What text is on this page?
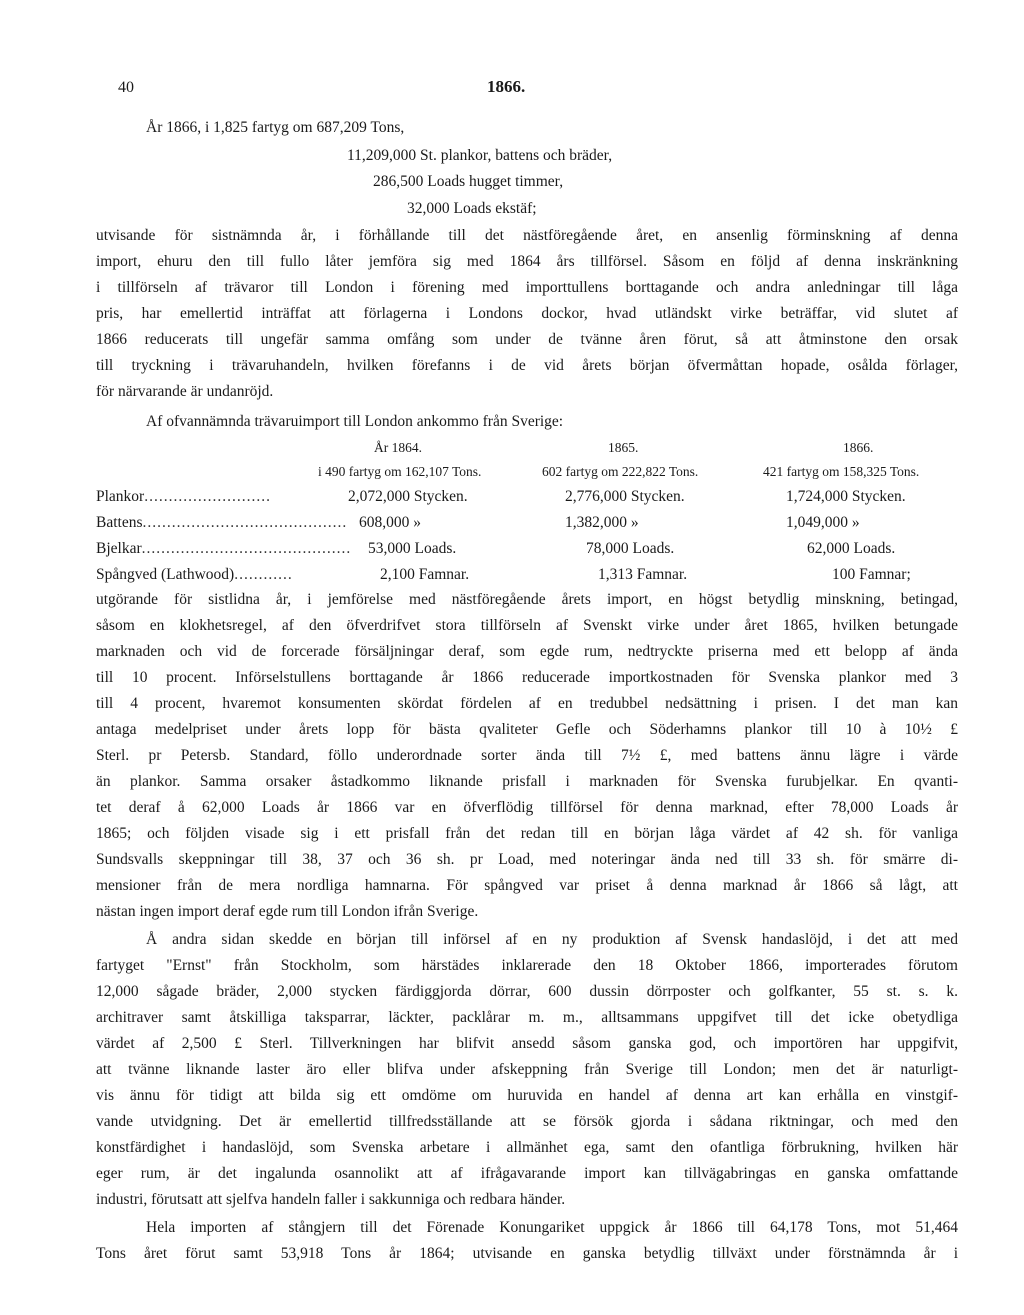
40	1866.
År 1866, i 1,825 fartyg om 687,209 Tons,
11,209,000 St. plankor, battens och bräder,
286,500 Loads hugget timmer,
32,000 Loads ekstäf;
utvisande för sistnämnda år, i förhållande till det nästföregående året, en ansenlig förminskning af denna
import, ehuru den till fullo låter jemföra sig med 1864 års tillförsel. Såsom en följd af denna inskränkning
i tillförseln af trävaror till London i förening med importtullens borttagande och andra anledningar till låga
pris, har emellertid inträffat att förlagerna i Londons dockor, hvad utländskt virke beträffar, vid slutet af
1866 reducerats till ungefär samma omfång som under de tvänne åren förut, så att åtminstone den orsak
till tryckning i trävaruhandeln, hvilken förefanns i de vid årets början öfvermåttan hopade, osålda förlager,
för närvarande är undanröjd.
Af ofvannämnda trävaruimport till London ankommo från Sverige:
År 1864.	1865.	1866.
i 490 fartyg om 162,107 Tons.	602 fartyg om 222,822 Tons.	421 fartyg om 158,325 Tons.
Plankor..........................	2,072,000 Stycken.	2,776,000 Stycken.	1,724,000 Stycken.
Battens.......................................... 608,000 »	1,382,000 »	1,049,000 »
Bjelkar........................................... 53,000 Loads.	78,000 Loads.	62,000 Loads.
Spångved (Lathwood)............	2,100 Famnar.	1,313 Famnar.	100 Famnar;
utgörande för sistlidna år, i jemförelse med nästföregående årets import, en högst betydlig minskning, betingad,
såsom en klokhetsregel, af den öfverdrifvet stora tillförseln af Svenskt virke under året 1865, hvilken betungade
marknaden och vid de forcerade försäljningar deraf, som egde rum, nedtryckte priserna med ett belopp af ända
till 10 procent. Införselstullens borttagande år 1866 reducerade importkostnaden för Svenska plankor med 3
till 4 procent, hvaremot konsumenten skördat fördelen af en tredubbel nedsättning i prisen. I det man kan
antaga medelpriset under årets lopp för bästa qvaliteter Gefle och Söderhamns plankor till 10 à 10½ £
Sterl. pr Petersb. Standard, föllo underordnade sorter ända till 7½ £, med battens ännu lägre i värde
än plankor. Samma orsaker åstadkommo liknande prisfall i marknaden för Svenska furubjelkar. En qvanti-
tet deraf å 62,000 Loads år 1866 var en öfverflödig tillförsel för denna marknad, efter 78,000 Loads år
1865; och följden visade sig i ett prisfall från det redan till en början låga värdet af 42 sh. för vanliga
Sundsvalls skeppningar till 38, 37 och 36 sh. pr Load, med noteringar ända ned till 33 sh. för smärre di-
mensioner från de mera nordliga hamnarna. För spångved var priset å denna marknad år 1866 så lågt, att
nästan ingen import deraf egde rum till London ifrån Sverige.
Å andra sidan skedde en början till införsel af en ny produktion af Svensk handaslöjd, i det att med
fartyget "Ernst" från Stockholm, som härstädes inklarerade den 18 Oktober 1866, importerades förutom
12,000 sågade bräder, 2,000 stycken färdiggjorda dörrar, 600 dussin dörrposter och golfkanter, 55 st. s. k.
architraver samt åtskilliga taksparrar, läckter, packlårar m. m., alltsammans uppgifvet till det icke obetydliga
värdet af 2,500 £ Sterl. Tillverkningen har blifvit ansedd såsom ganska god, och importören har uppgifvit,
att tvänne liknande laster äro eller blifva under afskeppning från Sverige till London; men det är naturligt-
vis ännu för tidigt att bilda sig ett omdöme om huruvida en handel af denna art kan erhålla en vinstgif-
vande utvidgning. Det är emellertid tillfredsställande att se försök gjorda i sådana riktningar, och med den
konstfärdighet i handaslöjd, som Svenska arbetare i allmänhet ega, samt den ofantliga förbrukning, hvilken här
eger rum, är det ingalunda osannolikt att af ifrågavarande import kan tillvägabringas en ganska omfattande
industri, förutsatt att sjelfva handeln faller i sakkunniga och redbara händer.
Hela importen af stångjern till det Förenade Konungariket uppgick år 1866 till 64,178 Tons, mot 51,464
Tons året förut samt 53,918 Tons år 1864; utvisande en ganska betydlig tillväxt under förstnämnda år i
